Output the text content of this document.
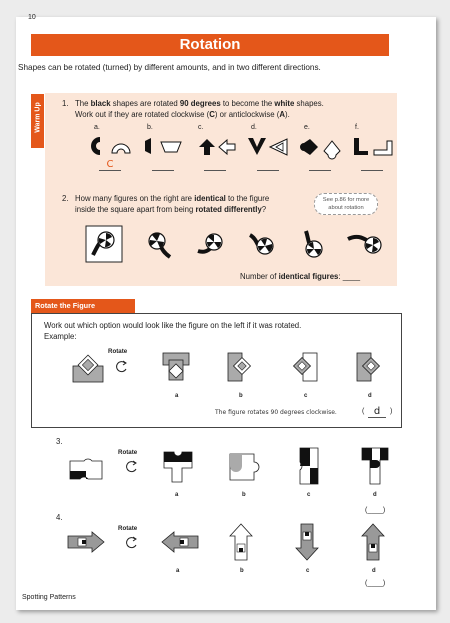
10
Rotation
Shapes can be rotated (turned) by different amounts, and in two different directions.
Warm Up	1. The black shapes are rotated 90 degrees to become the white shapes.
Work out if they are rotated clockwise (C) or anticlockwise (A).
a.	b.	c.	d.	e.	f.
C
2. How many figures on the right are identical to the figure
inside the square apart from being rotated differently?
See p.86 for more
about rotation
Number of identical figures: ____
Rotate the Figure
Work out which option would look like the figure on the left if it was rotated.
Example:
Rotate
a	b	c	d
The figure rotates 90 degrees clockwise.	( d	)
3.
Rotate
a	b	c	d
(____)
4.
Rotate
a	b	c	d
(____)
Spotting Patterns
